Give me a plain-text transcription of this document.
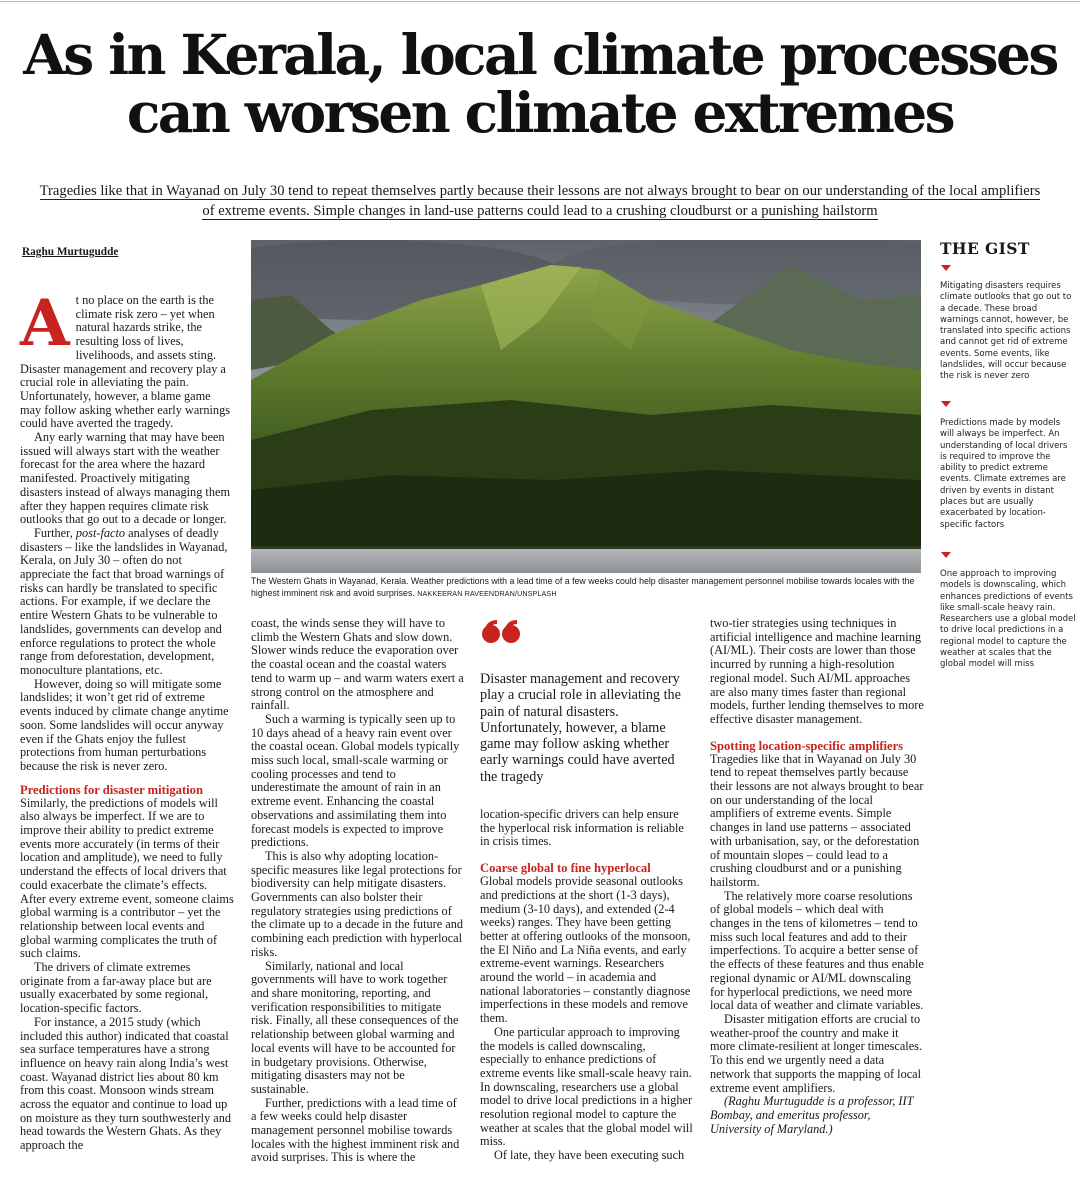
As in Kerala, local climate processes
can worsen climate extremes
Tragedies like that in Wayanad on July 30 tend to repeat themselves partly because their lessons are not always brought to bear on our understanding of the local amplifiers
of extreme events. Simple changes in land-use patterns could lead to a crushing cloudburst or a punishing hailstorm
Raghu Murtugudde
A t no place on the earth is the climate risk zero – yet when natural hazards strike, the resulting loss of lives, livelihoods, and assets sting. Disaster management and recovery play a crucial role in alleviating the pain. Unfortunately, however, a blame game may follow asking whether early warnings could have averted the tragedy.

Any early warning that may have been issued will always start with the weather forecast for the area where the hazard manifested. Proactively mitigating disasters instead of always managing them after they happen requires climate risk outlooks that go out to a decade or longer.

Further, post-facto analyses of deadly disasters – like the landslides in Wayanad, Kerala, on July 30 – often do not appreciate the fact that broad warnings of risks can hardly be translated to specific actions. For example, if we declare the entire Western Ghats to be vulnerable to landslides, governments can develop and enforce regulations to protect the whole range from deforestation, development, monoculture plantations, etc.

However, doing so will mitigate some landslides; it won’t get rid of extreme events induced by climate change anytime soon. Some landslides will occur anyway even if the Ghats enjoy the fullest protections from human perturbations because the risk is never zero.

Predictions for disaster mitigation

Similarly, the predictions of models will also always be imperfect. If we are to improve their ability to predict extreme events more accurately (in terms of their location and amplitude), we need to fully understand the effects of local drivers that could exacerbate the climate’s effects. After every extreme event, someone claims global warming is a contributor – yet the relationship between local events and global warming complicates the truth of such claims.

The drivers of climate extremes originate from a far-away place but are usually exacerbated by some regional, location-specific factors.

For instance, a 2015 study (which included this author) indicated that coastal sea surface temperatures have a strong influence on heavy rain along India’s west coast. Wayanad district lies about 80 km from this coast. Monsoon winds stream across the equator and continue to load up on moisture as they turn southwesterly and head towards the Western Ghats. As they approach the

The Western Ghats in Wayanad, Kerala. Weather predictions with a lead time of a few weeks could help disaster management personnel mobilise towards locales with the highest imminent risk and avoid surprises. NAKKEERAN RAVEENDRAN/UNSPLASH

coast, the winds sense they will have to climb the Western Ghats and slow down. Slower winds reduce the evaporation over the coastal ocean and the coastal waters tend to warm up – and warm waters exert a strong control on the atmosphere and rainfall.

Such a warming is typically seen up to 10 days ahead of a heavy rain event over the coastal ocean. Global models typically miss such local, small-scale warming or cooling processes and tend to underestimate the amount of rain in an extreme event. Enhancing the coastal observations and assimilating them into forecast models is expected to improve predictions.

This is also why adopting location-specific measures like legal protections for biodiversity can help mitigate disasters. Governments can also bolster their regulatory strategies using predictions of the climate up to a decade in the future and combining each prediction with hyperlocal risks.

Similarly, national and local governments will have to work together and share monitoring, reporting, and verification responsibilities to mitigate risk. Finally, all these consequences of the relationship between global warming and local events will have to be accounted for in budgetary provisions. Otherwise, mitigating disasters may not be sustainable.

Further, predictions with a lead time of a few weeks could help disaster management personnel mobilise towards locales with the highest imminent risk and avoid surprises. This is where the

Disaster management and recovery play a crucial role in alleviating the pain of natural disasters. Unfortunately, however, a blame game may follow asking whether early warnings could have averted the tragedy

location-specific drivers can help ensure the hyperlocal risk information is reliable in crisis times.

Coarse global to fine hyperlocal

Global models provide seasonal outlooks and predictions at the short (1-3 days), medium (3-10 days), and extended (2-4 weeks) ranges. They have been getting better at offering outlooks of the monsoon, the El Niño and La Niña events, and early extreme-event warnings. Researchers around the world – in academia and national laboratories – constantly diagnose imperfections in these models and remove them.

One particular approach to improving the models is called downscaling, especially to enhance predictions of extreme events like small-scale heavy rain. In downscaling, researchers use a global model to drive local predictions in a higher resolution regional model to capture the weather at scales that the global model will miss.

Of late, they have been executing such

two-tier strategies using techniques in artificial intelligence and machine learning (AI/ML). Their costs are lower than those incurred by running a high-resolution regional model. Such AI/ML approaches are also many times faster than regional models, further lending themselves to more effective disaster management.

Spotting location-specific amplifiers

Tragedies like that in Wayanad on July 30 tend to repeat themselves partly because their lessons are not always brought to bear on our understanding of the local amplifiers of extreme events. Simple changes in land use patterns – associated with urbanisation, say, or the deforestation of mountain slopes – could lead to a crushing cloudburst and or a punishing hailstorm.

The relatively more coarse resolutions of global models – which deal with changes in the tens of kilometres – tend to miss such local features and add to their imperfections. To acquire a better sense of the effects of these features and thus enable regional dynamic or AI/ML downscaling for hyperlocal predictions, we need more local data of weather and climate variables.

Disaster mitigation efforts are crucial to weather-proof the country and make it more climate-resilient at longer timescales. To this end we urgently need a data network that supports the mapping of local extreme event amplifiers.

(Raghu Murtugudde is a professor, IIT Bombay, and emeritus professor, University of Maryland.)

THE GIST
Mitigating disasters requires climate outlooks that go out to a decade. These broad warnings cannot, however, be translated into specific actions and cannot get rid of extreme events. Some events, like landslides, will occur because the risk is never zero
Predictions made by models will always be imperfect. An understanding of local drivers is required to improve the ability to predict extreme events. Climate extremes are driven by events in distant places but are usually exacerbated by location-specific factors
One approach to improving models is downscaling, which enhances predictions of events like small-scale heavy rain. Researchers use a global model to drive local predictions in a regional model to capture the weather at scales that the global model will miss
